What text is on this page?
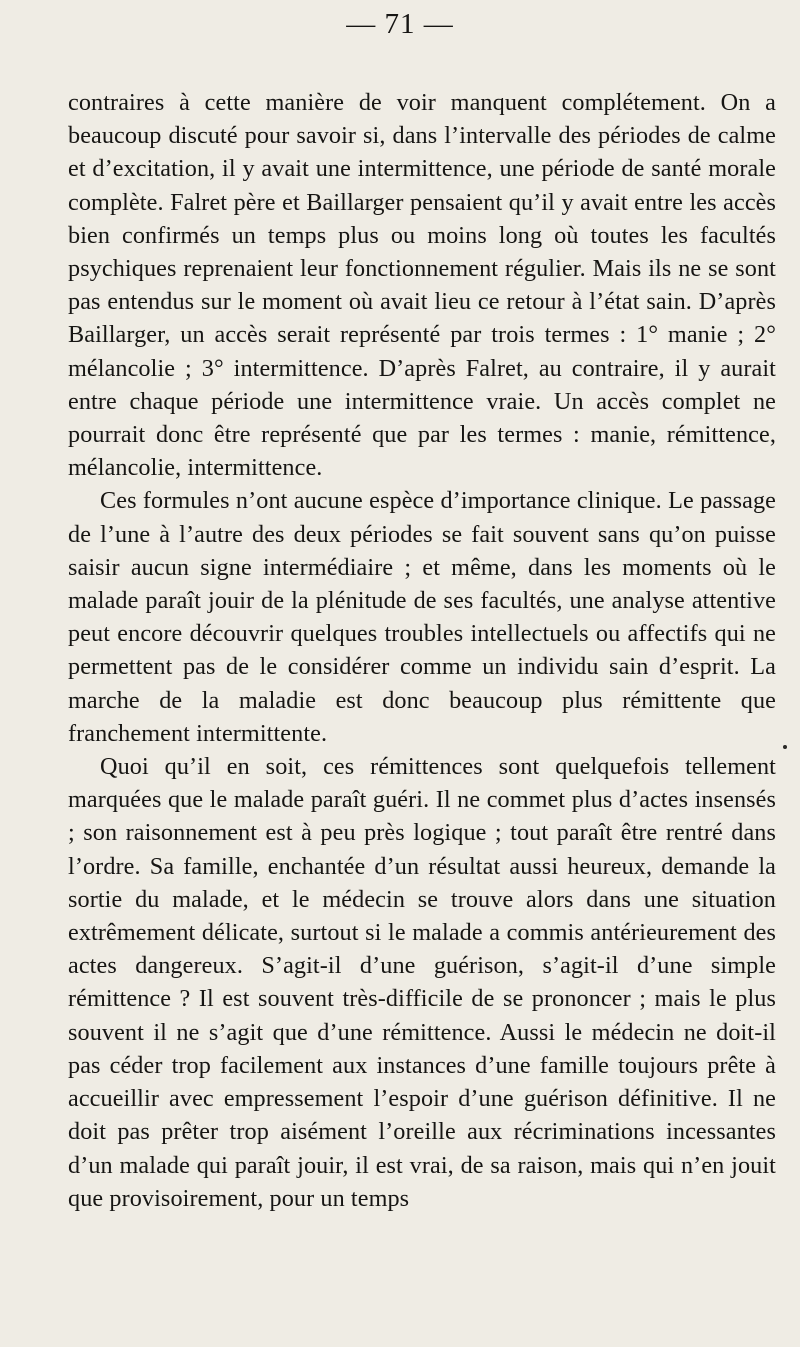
— 71 —

contraires à cette manière de voir manquent complétement. On a beaucoup discuté pour savoir si, dans l’intervalle des périodes de calme et d’excitation, il y avait une intermittence, une période de santé morale complète. Falret père et Baillarger pensaient qu’il y avait entre les accès bien confirmés un temps plus ou moins long où toutes les facultés psychiques reprenaient leur fonctionnement régulier. Mais ils ne se sont pas entendus sur le moment où avait lieu ce retour à l’état sain. D’après Baillarger, un accès serait représenté par trois termes : 1° manie ; 2° mélancolie ; 3° intermittence. D’après Falret, au contraire, il y aurait entre chaque période une intermittence vraie. Un accès complet ne pourrait donc être représenté que par les termes : manie, rémittence, mélancolie, intermittence.

Ces formules n’ont aucune espèce d’importance clinique. Le passage de l’une à l’autre des deux périodes se fait souvent sans qu’on puisse saisir aucun signe intermédiaire ; et même, dans les moments où le malade paraît jouir de la plénitude de ses facultés, une analyse attentive peut encore découvrir quelques troubles intellectuels ou affectifs qui ne permettent pas de le considérer comme un individu sain d’esprit. La marche de la maladie est donc beaucoup plus rémittente que franchement intermittente.

Quoi qu’il en soit, ces rémittences sont quelquefois tellement marquées que le malade paraît guéri. Il ne commet plus d’actes insensés ; son raisonnement est à peu près logique ; tout paraît être rentré dans l’ordre. Sa famille, enchantée d’un résultat aussi heureux, demande la sortie du malade, et le médecin se trouve alors dans une situation extrêmement délicate, surtout si le malade a commis antérieurement des actes dangereux. S’agit-il d’une guérison, s’agit-il d’une simple rémittence ? Il est souvent très-difficile de se prononcer ; mais le plus souvent il ne s’agit que d’une rémittence. Aussi le médecin ne doit-il pas céder trop facilement aux instances d’une famille toujours prête à accueillir avec empressement l’espoir d’une guérison définitive. Il ne doit pas prêter trop aisément l’oreille aux récriminations incessantes d’un malade qui paraît jouir, il est vrai, de sa raison, mais qui n’en jouit que provisoirement, pour un temps
